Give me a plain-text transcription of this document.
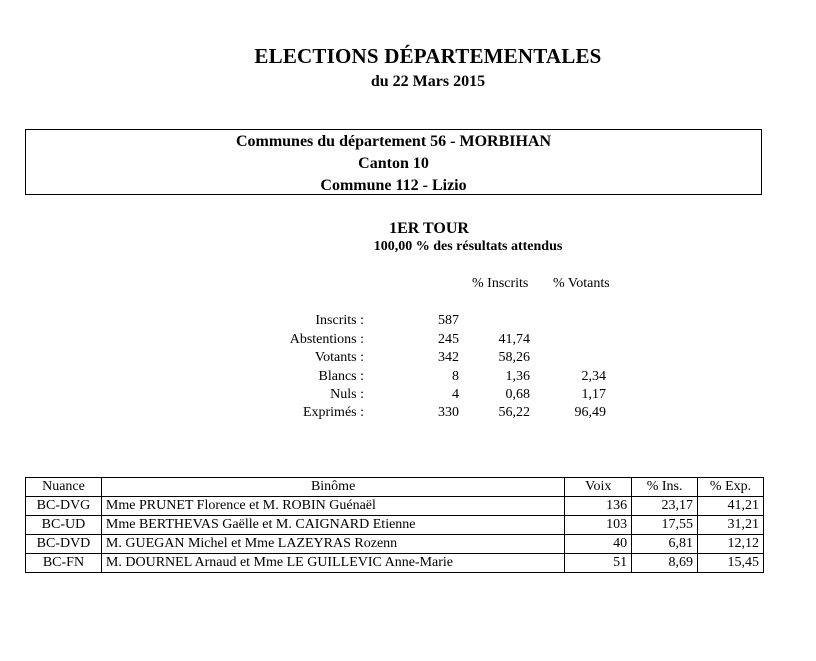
ELECTIONS DÉPARTEMENTALES
du 22 Mars 2015
Communes du département 56 - MORBIHAN
Canton 10
Commune 112 - Lizio
1ER TOUR
100,00 % des résultats attendus
% Inscrits % Votants
Inscrits :	587
Abstentions :	245	41,74
Votants :	342	58,26
Blancs :	8	1,36	2,34
Nuls :	4	0,68	1,17
Exprimés :	330	56,22	96,49
Nuance	Binôme	Voix	% Ins.	% Exp.
BC-DVG	Mme PRUNET Florence et M. ROBIN Guénaël	136	23,17	41,21
BC-UD	Mme BERTHEVAS Gaëlle et M. CAIGNARD Etienne	103	17,55	31,21
BC-DVD	M. GUEGAN Michel et Mme LAZEYRAS Rozenn	40	6,81	12,12
BC-FN	M. DOURNEL Arnaud et Mme LE GUILLEVIC Anne-Marie	51	8,69	15,45
